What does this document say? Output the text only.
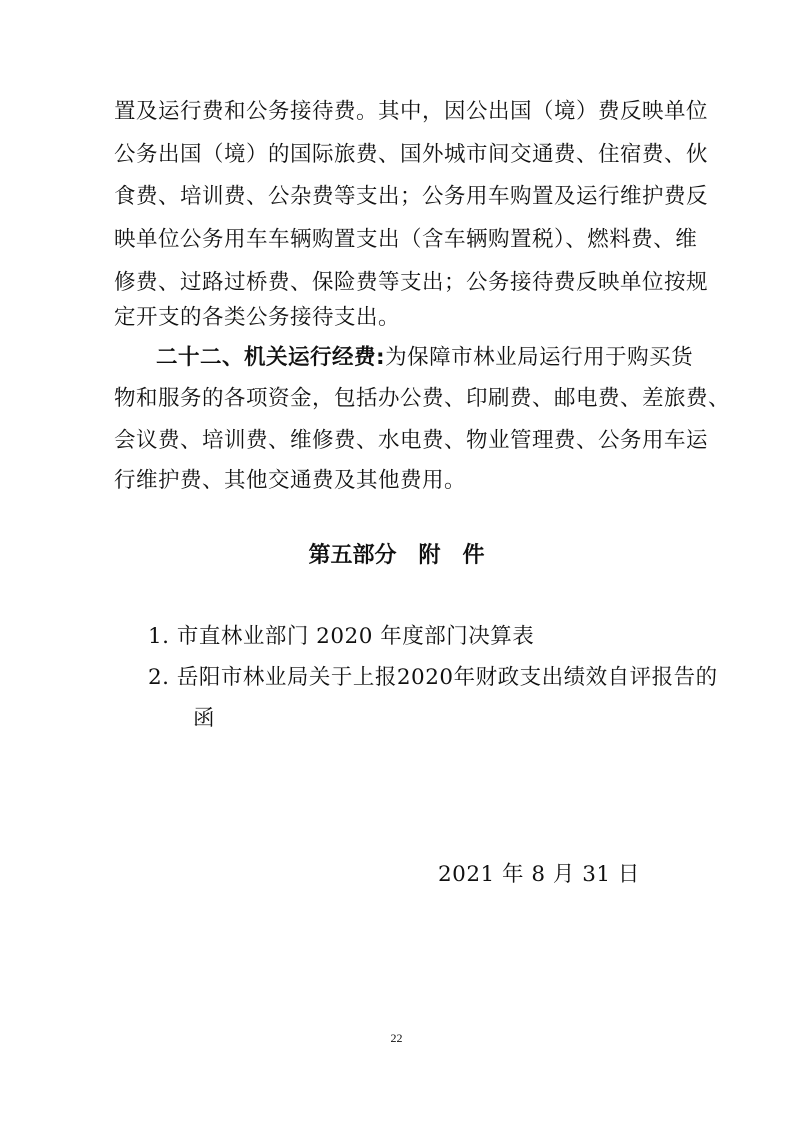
置及运行费和公务接待费。其中，因公出国（境）费反映单位
公务出国（境）的国际旅费、国外城市间交通费、住宿费、伙
食费、培训费、公杂费等支出；公务用车购置及运行维护费反
映单位公务用车车辆购置支出（含车辆购置税）、燃料费、维
修费、过路过桥费、保险费等支出；公务接待费反映单位按规
定开支的各类公务接待支出。
二十二、机关运行经费: 为保障市林业局运行用于购买货
物和服务的各项资金，包括办公费、印刷费、邮电费、差旅费、
会议费、培训费、维修费、水电费、物业管理费、公务用车运
行维护费、其他交通费及其他费用。
第五部分 附　件
1. 市直林业部门 2020 年度部门决算表
2. 岳阳市林业局关于上报2020年财政支出绩效自评报告的
函
2021 年 8 月 31 日
22
